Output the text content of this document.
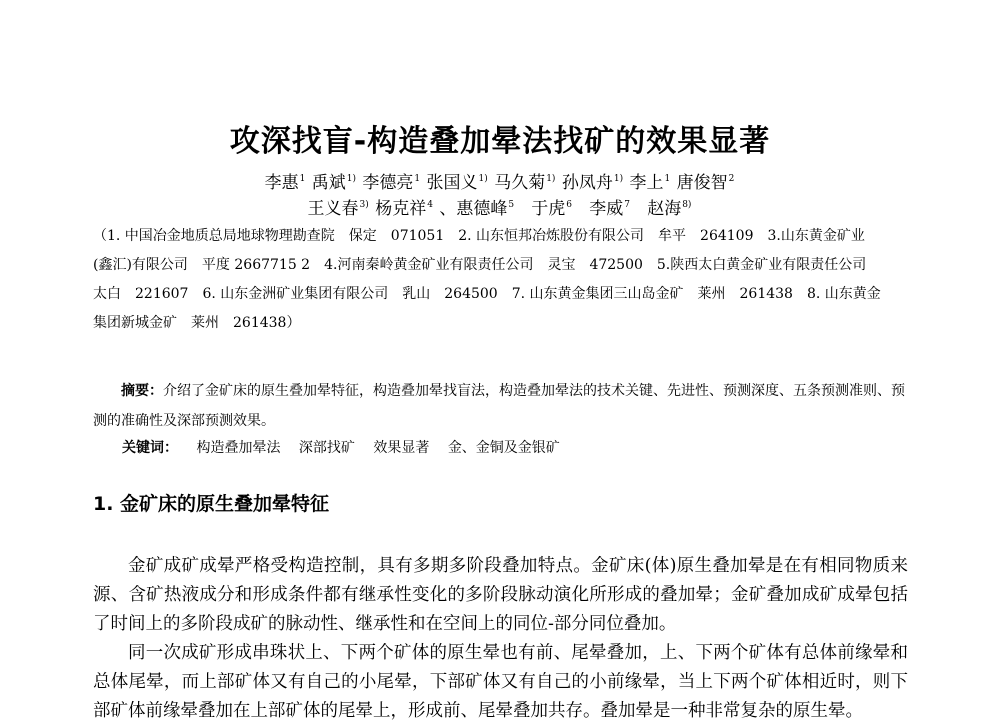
攻深找盲-构造叠加晕法找矿的效果显著
李惠$^1$ 禹斌$^{1)}$ 李德亮$^1$ 张国义$^{1)}$ 马久菊$^{1)}$ 孙凤舟$^{1)}$ 李上$^1$ 唐俊智$^2$
王义春$^{3)}$ 杨克祥$^4$ 、惠德峰$^5$ 于虎$^6$ 李威$^7$ 赵海$^{8)}$
（1. 中国冶金地质总局地球物理勘查院　保定　071051　2. 山东恒邦冶炼股份有限公司　牟平　264109　3.山东黄金矿业
(鑫汇)有限公司　平度 2667715 2　4.河南秦岭黄金矿业有限责任公司　灵宝　472500　5.陕西太白黄金矿业有限责任公司
太白　221607　6. 山东金洲矿业集团有限公司　乳山　264500　7. 山东黄金集团三山岛金矿　莱州　261438　8. 山东黄金
集团新城金矿　莱州　261438）
摘要：介绍了金矿床的原生叠加晕特征，构造叠加晕找盲法，构造叠加晕法的技术关键、先进性、预测深度、五条预测准则、预测的准确性及深部预测效果。
关键词： 构造叠加晕法 深部找矿 效果显著 金、金铜及金银矿
1. 金矿床的原生叠加晕特征

金矿成矿成晕严格受构造控制，具有多期多阶段叠加特点。金矿床(体)原生叠加晕是在有相同物质来源、含矿热液成分和形成条件都有继承性变化的多阶段脉动演化所形成的叠加晕；金矿叠加成矿成晕包括了时间上的多阶段成矿的脉动性、继承性和在空间上的同位-部分同位叠加。

同一次成矿形成串珠状上、下两个矿体的原生晕也有前、尾晕叠加，上、下两个矿体有总体前缘晕和总体尾晕，而上部矿体又有自己的小尾晕，下部矿体又有自己的小前缘晕，当上下两个矿体相近时，则下部矿体前缘晕叠加在上部矿体的尾晕上，形成前、尾晕叠加共存。叠加晕是一种非常复杂的原生晕。
